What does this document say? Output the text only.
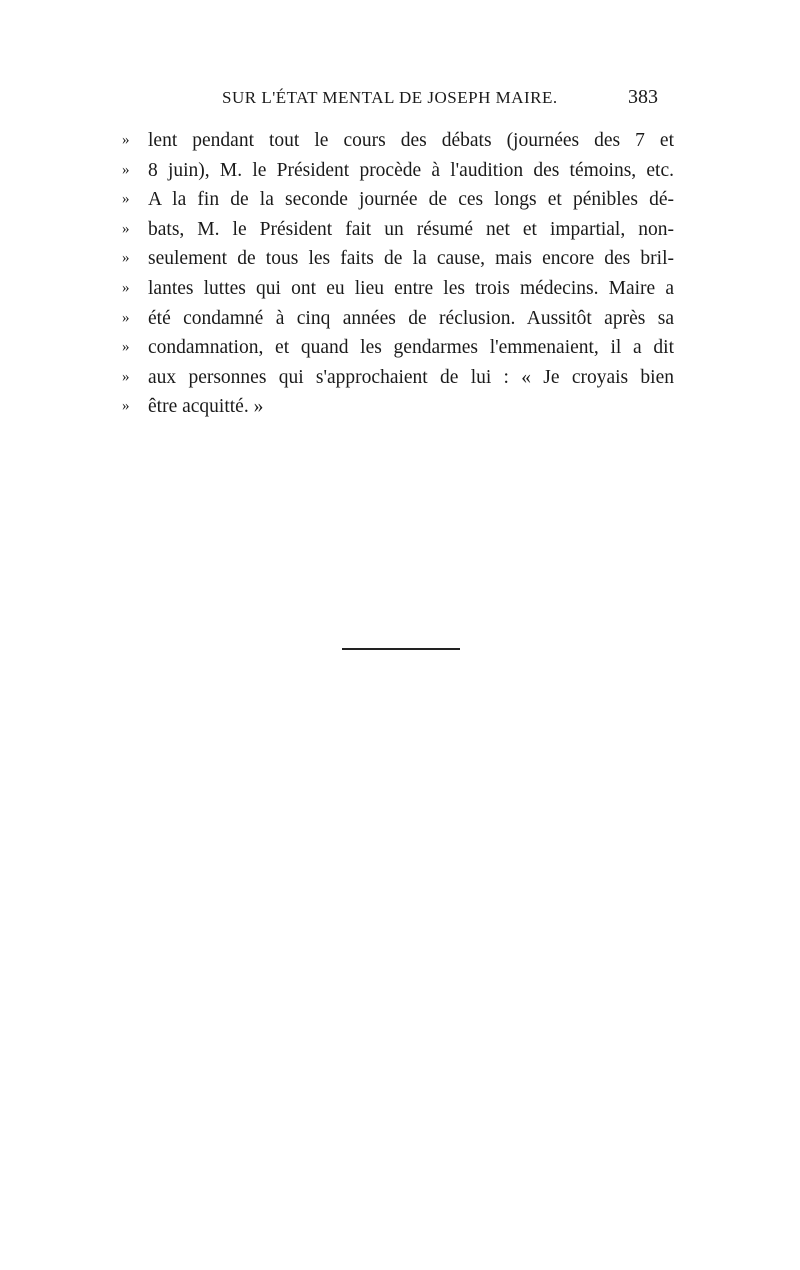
SUR L'ÉTAT MENTAL DE JOSEPH MAIRE.	383
» lent pendant tout le cours des débats (journées des 7 et
» 8 juin), M. le Président procède à l'audition des témoins, etc.
» A la fin de la seconde journée de ces longs et pénibles dé-
» bats, M. le Président fait un résumé net et impartial, non-
» seulement de tous les faits de la cause, mais encore des bril-
» lantes luttes qui ont eu lieu entre les trois médecins. Maire a
» été condamné à cinq années de réclusion. Aussitôt après sa
» condamnation, et quand les gendarmes l'emmenaient, il a dit
» aux personnes qui s'approchaient de lui : « Je croyais bien
» être acquitté. »
